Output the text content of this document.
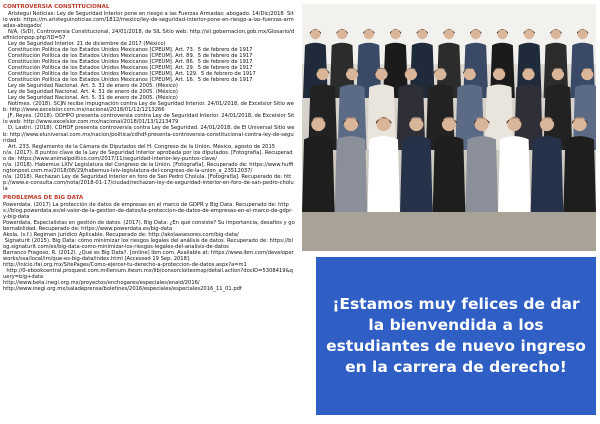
CONTROVERSIA CONSTITUCIONAL

Aristegui Noticias: Ley de Seguridad Interior pone en riesgo a las Fuerzas Armadas: abogado. 14/Dic/2018  Sitio web: https://m.aristeguinoticias.com/1812/mexico/ley-de-seguridad-interior-pone-en-riesgo-a-las-fuerzas-armadas-abogado/

N/A, (S/D), Controversia Constitucional, 24/01/2018, de SIL Sitio web: http://sil.gobernacion.gob.mx/Glosario/definicionpop.php?ID=57

Ley de Seguridad Interior. 21 de diciembre de 2017 (México)

Constitución Política de los Estados Unidos Mexicanos [CPEUM]. Art. 73.  5 de febrero de 1917

Constitución Política de los Estados Unidos Mexicanos [CPEUM]. Art. 89.  5 de febrero de 1917

Constitución Política de los Estados Unidos Mexicanos [CPEUM]. Art. 86.  5 de febrero de 1917

Constitución Política de los Estados Unidos Mexicanos [CPEUM]. Art. 29.  5 de febrero de 1917

Constitución Política de los Estados Unidos Mexicanos [CPEUM]. Art. 129.  5 de febrero de 1917

Constitución Política de los Estados Unidos Mexicanos [CPEUM]. Art. 16.  5 de febrero de 1917

Ley de Seguridad Nacional. Art. 3. 31 de enero de 2005. (México)

Ley de Seguridad Nacional. Art. 4. 31 de enero de 2005. (México)

Ley de Seguridad Nacional. Art. 5. 31 de enero de 2005. (México)

Notimex. (2018). SCJN recibe impugnación contra Ley de Seguridad Interior. 24/01/2018, de Excelsior Sitio web: http://www.excelsior.com.mx/nacional/2018/01/12/1213266

JF, Reyes. (2018). DDHPO presenta controversia contra Ley de Seguridad Interior. 24/01/2018, de Excelsior Sitio web: http://www.excelsior.com.mx/nacional/2018/01/13/1213479

D, Lastiri. (2018). CDHDF presenta controversia contra Ley de Seguridad. 24/01/2018, de El Universal Sitio web: http://www.eluniversal.com.mx/nacion/politica/cdhdf-presenta-controversia-constitucional-contra-ley-de-seguridad

Art. 233. Reglamento de la Cámara de Diputados del H. Congreso de la Unión. México, agosto de 2015

n/a. (2017). 8 puntos clave de la Ley de Seguridad Interior aprobada por los diputados. [Fotografía]. Recuperado de: https://www.animalpolitico.com/2017/11/seguridad-interior-ley-puntos-clave/

n/a. (2018). Habemus LXIV Legislatura del Congreso de la Unión. [Fotografía]. Recuperado de: https://www.huffingtonpost.com.mx/2018/08/29/habemus-lxiv-legislatura-del-congreso-de-la-union_a_23512037/

n/a. (2018). Rechazan Ley de Seguridad Interior en foro de San Pedro Cholula. [Fotografía]. Recuperado de: http://www.e-consulta.com/nota/2018-01-17/ciudad/rechazan-ley-de-seguridad-interior-en-foro-de-san-pedro-cholula

PROBLEMAS DE BIG DATA

Powerdata. (2017) La protección de datos de empresas en el marco de GDPR y Big Data. Recuperado de: https://blog.powerdata.es/el-valor-de-la-gestion-de-datos/la-proteccion-de-datos-de-empresas-en-el-marco-de-gdpr-y-big-data

Powerdata, Especialistas en gestión de datos. (2017). Big Data: ¿En qué consiste? Su importancia, desafíos y gobernabilidad. Recuperado de: https://www.powerdata.es/big-data

Akola. (s.f.) Regimen Jurídico Aplicable. Recuperado de: http://akolaasesores.com/big-data/

Signaturit (2015). Big Data: cómo minimizar los riesgos legales del análisis de datos. Recuperado de: https://blog.signaturit.com/es/big-data-como-minimizar-los-riesgos-legales-del-analisis-de-datos

Barranco Fragoso, R. (2012). ¿Qué es Big Data?. [online] Ibm.com. Available at: https://www.ibm.com/developerworks/ssa/local/im/que-es-big-data/index.html [Accessed 19 Sep. 2018].

http://inicio.ifai.org.mx/SitePages/Como-ejercer-tu-derecho-a-proteccion-de-datos.aspx?a=m1

http://0-ebookcentral.proquest.com.millenium.itesm.mx/lib/consorcioitesmsp/detail.action?docID=5308419&query=big+data

http://www.beta.inegi.org.mx/proyectos/enchogares/especiales/enaid/2016/

http://www.inegi.org.mx/saladeprensa/boletines/2016/especiales/especiales2016_11_01.pdf

¡Estamos muy felices de dar la bienvendida a los estudiantes de nuevo ingreso en la carrera de derecho!
